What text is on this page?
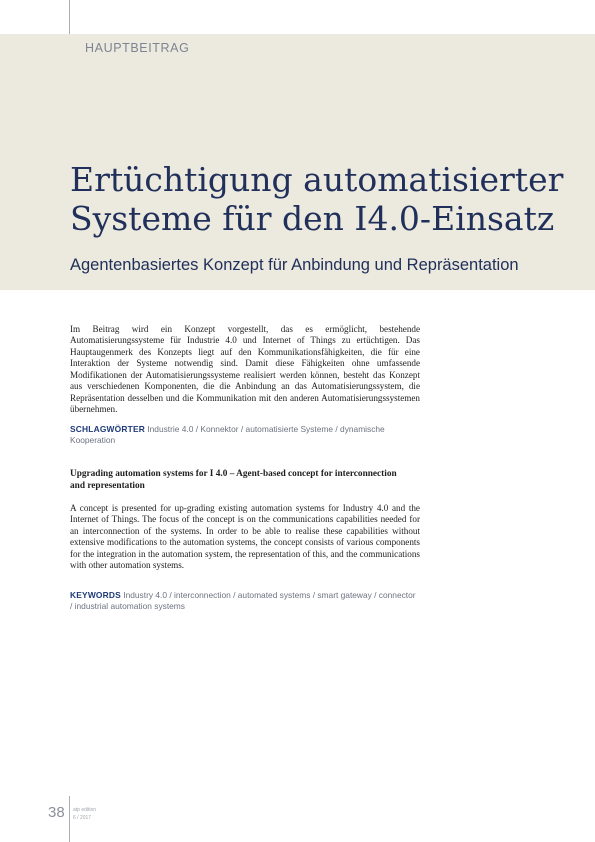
HAUPTBEITRAG
Ertüchtigung automatisierter Systeme für den I4.0-Einsatz
Agentenbasiertes Konzept für Anbindung und Repräsentation

Im Beitrag wird ein Konzept vorgestellt, das es ermöglicht, bestehende Automatisierungssysteme für Industrie 4.0 und Internet of Things zu ertüchtigen. Das Hauptaugenmerk des Konzepts liegt auf den Kommunikationsfähigkeiten, die für eine Interaktion der Systeme notwendig sind. Damit diese Fähigkeiten ohne umfassende Modifikationen der Automatisierungssysteme realisiert werden können, besteht das Konzept aus verschiedenen Komponenten, die die Anbindung an das Automatisierungssystem, die Repräsentation desselben und die Kommunikation mit den anderen Automatisierungssystemen übernehmen.

SCHLAGWÖRTER Industrie 4.0 / Konnektor / automatisierte Systeme / dynamische Kooperation

Upgrading automation systems for I 4.0 – Agent-based concept for interconnection and representation

A concept is presented for up-grading existing automation systems for Industry 4.0 and the Internet of Things. The focus of the concept is on the communications capabilities needed for an interconnection of the systems. In order to be able to realise these capabilities without extensive modifications to the automation systems, the concept consists of various components for the integration in the automation system, the representation of this, and the communications with other automation systems.

KEYWORDS Industry 4.0 / interconnection / automated systems / smart gateway / connector / industrial automation systems

38 atp edition
6 / 2017
